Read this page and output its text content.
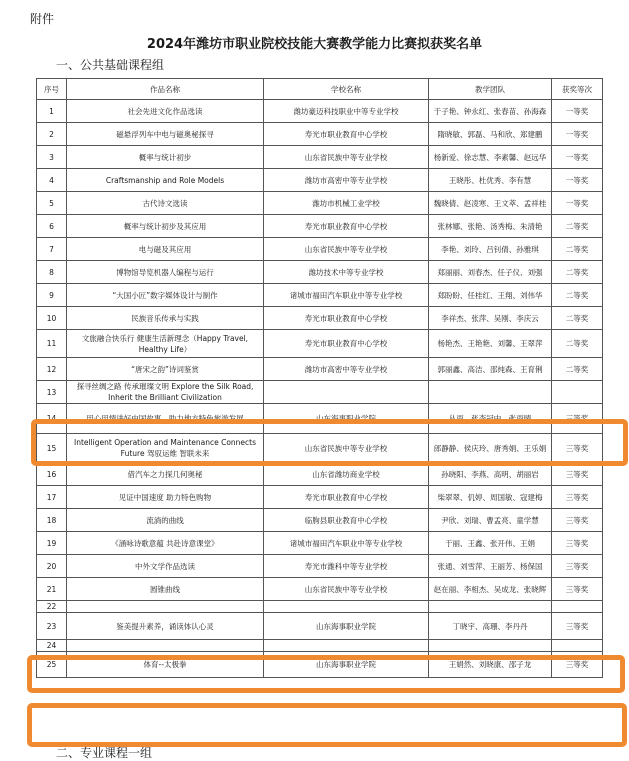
附件
2024年潍坊市职业院校技能大赛教学能力比赛拟获奖名单
一、公共基础课程组
序号	作品名称	学校名称	教学团队	获奖等次
1	社会先进文化作品选读	潍坊豪迈科技职业中等专业学校	于子艳、钟永红、张春苗、孙海森	一等奖
2	磁悬浮列车中电与磁奥秘探寻	寿光市职业教育中心学校	隋晓敏、郭磊、马和欣、郑建鹏	一等奖
3	概率与统计初步	山东省民族中等专业学校	杨新爱、徐志慧、李素馨、赵远华	一等奖
4	Craftsmanship and Role Models	潍坊市高密中等专业学校	王晓彤、杜优秀、李有慧	一等奖
5	古代诗文选读	潍坊市机械工业学校	魏晓倩、赵凌寒、王文萃、孟祥桂	一等奖
6	概率与统计初步及其应用	寿光市职业教育中心学校	张林娜、张艳、汤秀梅、朱清艳	二等奖
7	电与磁及其应用	山东省民族中等专业学校	李艳、刘玲、吕钊倩、孙雅琪	二等奖
8	博物馆导览机器人编程与运行	潍坊技术中等专业学校	郑丽丽、刘春杰、任子仪、刘强	二等奖
9	“大国小匠”数字媒体设计与制作	诸城市福田汽车职业中等专业学校	郑盼盼、任桂红、王翔、刘伟华	二等奖
10	民族音乐传承与实践	寿光市职业教育中心学校	李祥杰、张萍、吴刚、李庆云	二等奖
11	文旅融合快乐行 健康生活新理念（Happy Travel, Healthy Life）	寿光市职业教育中心学校	杨艳杰、王艳艳、刘馨、王翠萍	二等奖
12	“唐宋之韵”诗词鉴赏	潍坊市高密中等专业学校	郭丽鑫、高洁、邵纯森、王育俐	二等奖
13	探寻丝绸之路 传承璀璨文明 Explore the Silk Road, Inherit the Brilliant Civilization			
14	用心用情讲好中国故事，助力地方特色旅游发展	山东海事职业学院	丛雨、张李冠中、张雨晴	三等奖
15	Intelligent Operation and Maintenance Connects Future 驾驭运维 智联未来	山东省民族中等专业学校	郎静静、侯庆玲、唐秀娟、王乐娟	三等奖
16	借汽车之力探几何奥秘	山东省潍坊商业学校	孙晓阳、李燕、高明、胡丽岩	三等奖
17	见证中国速度 助力特色购物	寿光市职业教育中心学校	柴翠翠、仉婷、周国敏、寇建梅	三等奖
18	流淌的曲线	临朐县职业教育中心学校	尹欣、刘瑞、曹孟亮、童学慧	三等奖
19	《涵咏诗歌意蕴 共赴诗意课堂》	诸城市福田汽车职业中等专业学校	于丽、王鑫、张开伟、王娟	三等奖
20	中外文学作品选读	寿光市潍科中等专业学校	张通、刘雪萍、王丽芳、杨保国	三等奖
21	圆锥曲线	山东省民族中等专业学校	赵在丽、李相杰、吴成龙、张晓辉	三等奖
22				
23	鉴美提升素养，诵读体认心灵	山东海事职业学院	丁晓宇、高珊、李丹丹	三等奖
24				
25	体育--太极拳	山东海事职业学院	王娟然、刘晓康、邵子龙	三等奖
二、专业课程一组
